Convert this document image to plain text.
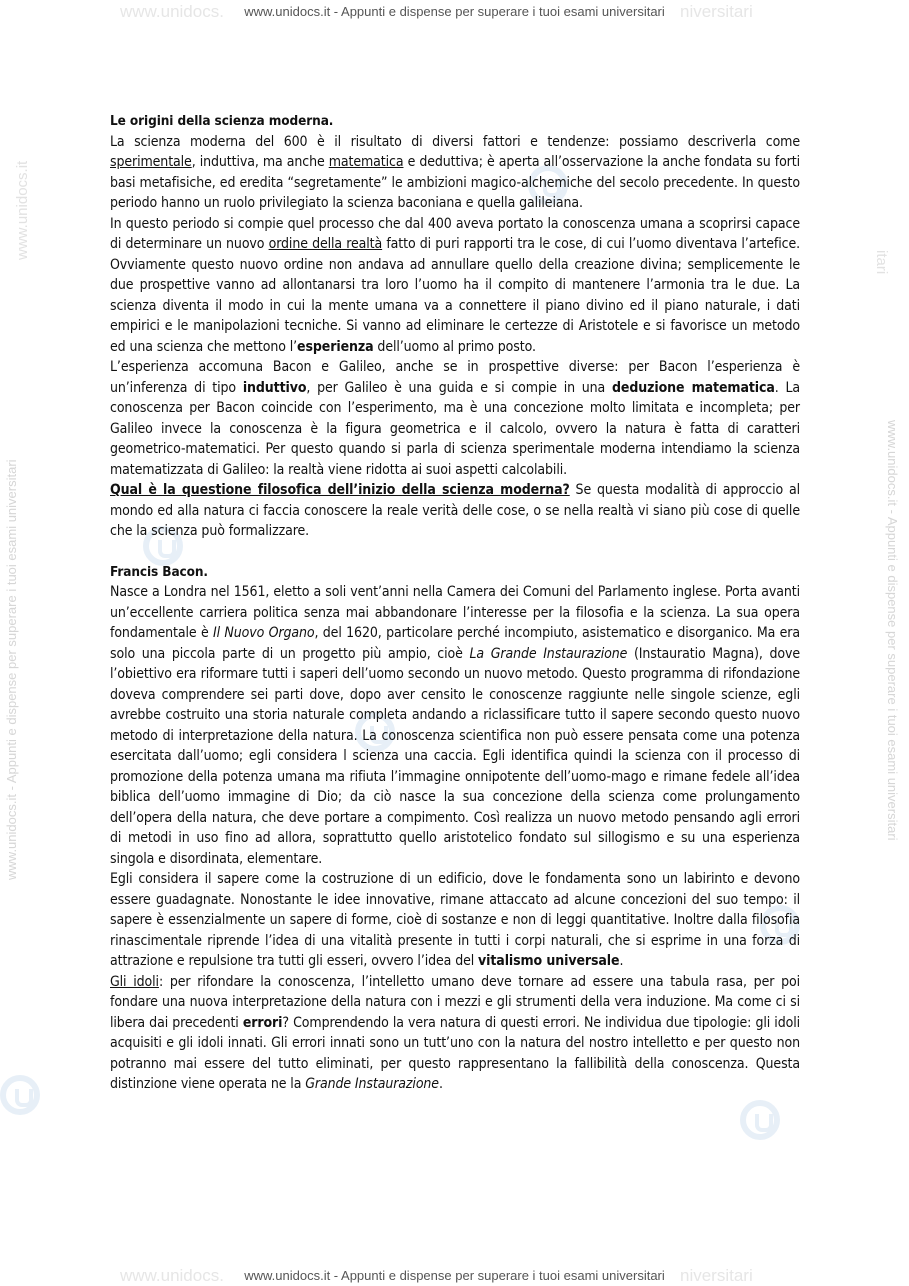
www.unidocs. www.unidocs.it - Appunti e dispense per superare i tuoi esami universitari niversitari
www.unidocs.it - Appunti e dispense per superare i tuoi esami universitari
www.unidocs.it
www.unidocs.it - Appunti e dispense per superare i tuoi esami universitari
itari

Le origini della scienza moderna.

La scienza moderna del 600 è il risultato di diversi fattori e tendenze: possiamo descriverla come sperimentale, induttiva, ma anche matematica e deduttiva; è aperta all’osservazione la anche fondata su forti basi metafisiche, ed eredita “segretamente” le ambizioni magico-alchemiche del secolo precedente. In questo periodo hanno un ruolo privilegiato la scienza baconiana e quella galileiana.

In questo periodo si compie quel processo che dal 400 aveva portato la conoscenza umana a scoprirsi capace di determinare un nuovo ordine della realtà fatto di puri rapporti tra le cose, di cui l’uomo diventava l’artefice. Ovviamente questo nuovo ordine non andava ad annullare quello della creazione divina; semplicemente le due prospettive vanno ad allontanarsi tra loro l’uomo ha il compito di mantenere l’armonia tra le due. La scienza diventa il modo in cui la mente umana va a connettere il piano divino ed il piano naturale, i dati empirici e le manipolazioni tecniche. Si vanno ad eliminare le certezze di Aristotele e si favorisce un metodo ed una scienza che mettono l’esperienza dell’uomo al primo posto.

L’esperienza accomuna Bacon e Galileo, anche se in prospettive diverse: per Bacon l’esperienza è un’inferenza di tipo induttivo, per Galileo è una guida e si compie in una deduzione matematica. La conoscenza per Bacon coincide con l’esperimento, ma è una concezione molto limitata e incompleta; per Galileo invece la conoscenza è la figura geometrica e il calcolo, ovvero la natura è fatta di caratteri geometrico-matematici. Per questo quando si parla di scienza sperimentale moderna intendiamo la scienza matematizzata di Galileo: la realtà viene ridotta ai suoi aspetti calcolabili.

Qual è la questione filosofica dell’inizio della scienza moderna? Se questa modalità di approccio al mondo ed alla natura ci faccia conoscere la reale verità delle cose, o se nella realtà vi siano più cose di quelle che la scienza può formalizzare.

Francis Bacon.

Nasce a Londra nel 1561, eletto a soli vent’anni nella Camera dei Comuni del Parlamento inglese. Porta avanti un’eccellente carriera politica senza mai abbandonare l’interesse per la filosofia e la scienza. La sua opera fondamentale è Il Nuovo Organo, del 1620, particolare perché incompiuto, asistematico e disorganico. Ma era solo una piccola parte di un progetto più ampio, cioè La Grande Instaurazione (Instauratio Magna), dove l’obiettivo era riformare tutti i saperi dell’uomo secondo un nuovo metodo. Questo programma di rifondazione doveva comprendere sei parti dove, dopo aver censito le conoscenze raggiunte nelle singole scienze, egli avrebbe costruito una storia naturale completa andando a riclassificare tutto il sapere secondo questo nuovo metodo di interpretazione della natura. La conoscenza scientifica non può essere pensata come una potenza esercitata dall’uomo; egli considera l scienza una caccia. Egli identifica quindi la scienza con il processo di promozione della potenza umana ma rifiuta l’immagine onnipotente dell’uomo-mago e rimane fedele all’idea biblica dell’uomo immagine di Dio; da ciò nasce la sua concezione della scienza come prolungamento dell’opera della natura, che deve portare a compimento. Così realizza un nuovo metodo pensando agli errori di metodi in uso fino ad allora, soprattutto quello aristotelico fondato sul sillogismo e su una esperienza singola e disordinata, elementare.

Egli considera il sapere come la costruzione di un edificio, dove le fondamenta sono un labirinto e devono essere guadagnate. Nonostante le idee innovative, rimane attaccato ad alcune concezioni del suo tempo: il sapere è essenzialmente un sapere di forme, cioè di sostanze e non di leggi quantitative. Inoltre dalla filosofia rinascimentale riprende l’idea di una vitalità presente in tutti i corpi naturali, che si esprime in una forza di attrazione e repulsione tra tutti gli esseri, ovvero l’idea del vitalismo universale.

Gli idoli: per rifondare la conoscenza, l’intelletto umano deve tornare ad essere una tabula rasa, per poi fondare una nuova interpretazione della natura con i mezzi e gli strumenti della vera induzione. Ma come ci si libera dai precedenti errori? Comprendendo la vera natura di questi errori. Ne individua due tipologie: gli idoli acquisiti e gli idoli innati. Gli errori innati sono un tutt’uno con la natura del nostro intelletto e per questo non potranno mai essere del tutto eliminati, per questo rappresentano la fallibilità della conoscenza. Questa distinzione viene operata ne la Grande Instaurazione.

www.unidocs. www.unidocs.it - Appunti e dispense per superare i tuoi esami universitari niversitari
